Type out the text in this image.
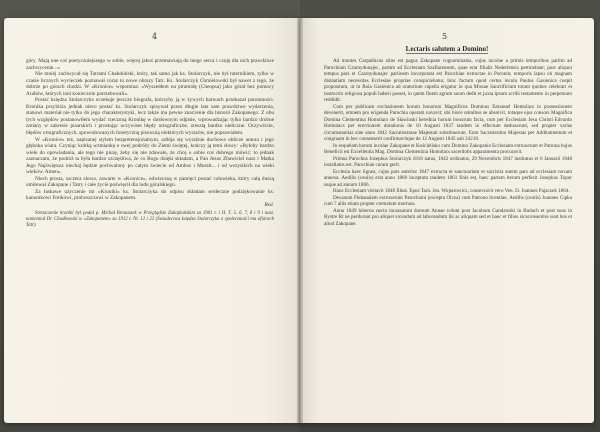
4

góry. Mają one coś poetyczniejszego w sobie, więcej jakoś przemawiają do mego serca i czuję dla nich prawdziwe zachwycenie...»

Nie mniej zachwycał się Tatrami Chałubiński, który, tak samo jak ks. Stolarczyk, nie był taternikiem, tylko w czasie licznych wycieczek poznawał coraz to nowe obrazy Tatr. Ks. Stolarczyk Chmielowski był nawet z tego, że dobrze po górach chodzi. W «Kronice» wspomina: «Wyszedłem na piramidę (Cheopsa) jako górał bez pomocy Arabów, których inni koniecznie potrzebowali».

Postać księdza Stolarczyka oczekuje jeszcze biografa, którzyby ją w żywych barwach przekazał potomności. Kronika przybliża jednak nieco postać ks. Stolarczyk spisywał przez długie lata sam prawdziwe wydarzenia, stanowi materiał nie tylko do jego charakterystyki, lecz także ma pewne znaczenie dla historii Zakopanego. Z obu tych względów postanowiłem wydać rzeczoną Kronikę w dosłownym odpisie, wprowadzając tylko bardzo drobne zmiany w zakresie pisarskich i prostując oczywiste błędy ortograficzne, zresztą bardzo nieliczne. Oczywiście, błędów ortograficznych, spowodowanych fonetyczną pisownią niektórych wyrazów, nie poprawiałem.

W «Kronice» też, napisanej stylem bezpretensjonalnym, odbija się wyraźnie duchowe oblicze autora i jego głęboka wiara. Czyniąc krótką wzmiankę o swej podróży do Ziemi świętej, kończy ją temi słowy: «Byłoby bardzo wiele do opowiadania, ale tego nie piszę, żeby się nie zdawało, że chcę o sobie coś dobrego mówić; to jednak zaznaczam, że podróż ta była bardzo szczęśliwa, że co Bogu dzięki składam, a Pan Jezus Zbawiciel nasz i Matka Jego Najświętsza niechaj będzie pochwalony po całym świecie od Ambos i Muralt... i od wszystkich na wieki wieków. Amen».

Niech prosta, szczera słowa, zawarte w «Kronice», odwieczną w pamięci postać człowieka, który całą duszą umiłował Zakopane i Tatry i całe życie poświęcił dla ludu góralskiego.

Za łaskawe użyczenie mi «Kroniki» ks. Stolarczyka do odpisu składam serdeczne podziękowanie ks. kanonikowi Frelkowi, proboszczowi w Zakopanem.

Red.

Streszczenie kroniki był podał p. Michał Bronaszek w Przeglądzie Zakopiańskim za 1901 r. i II. T. 5. 6, 7, 8 i 9 i nast. namieniał Dr. Chodkowski w «Zakopanem» za 1912 r. Nr. 12 i 22 (Świadectwa księdza Stolarczyka o społeczności ma ofiarach Tatr).

5
Lectaris salutem a Domino!

Ad montes Carpathicos situs est pagus Zakopane cognominatus, cujus incolae a primis temporibus partim ad Parochiam Czarnydunajec, partim ad Ecclesiam Szaflarensem, quae erat filialis Nederlensis pertinebant; post aliquot tempus pars et Czarnydunajec parlinem incorporata est Parochiae extructae in Poronin; temporis lapsu ob magnam distantiam necessitas Ecclesiae propriae conspiciebatur, hinc factum quod certus incola Paulus Gasienica coepit propositum, ut in Rola Gasienica ad oratorium capella erigatur in qua Missae Sanctificium totum quoties celebrari et instructio religiosa populi haberi posset, in quem finem agrum suum dedit et juxta ipsum scribi testamento in perpetuum reddidit.

Cum per publicam excitationem horum bonorum Magnificus Dominus Emanuel Homolacs in possessionem devenerit, omnem pro erigenda Parochia operam navavit; ubi hisce omnibus se absolvit, totaque ejus consors Magnifica Domina Clementina Homolacs de Sławinski herednia horum bonorum facta, cum per Ecclesiam Jesu Christi Edvardo Homolacs per erectionem dotationis de 10 Augusti 1837 tandem in effectum deduxerunt, sed propter varias circumstantias sine anno 1842 Sacratissimae Majestati substituerunt. Eum Sacratissimo Majestas per Additamentum et congruam in hec consenserit confirmavitque de 12 Augusti 1845 sub 24218.

In sequelam horum incolae Zakopane et Kościelisko cum Domino Zakopanie Ecclesiam extruxerunt et Patrona hujus Beneficii est Excellentia Mag. Domina Clementina Homolacs sacerdotis apparamenta procuravit.

Primus Parochus Josephus Stolarczyk 1816 natus, 1842 ordinatus, 29 Novembris 1847 institutus et 6 Januarii 1848 installatus est. Parochiae curam gerit.

Ecclesia haec lignea, cujus pars anterior 1847 extructa et sanctuarium et sacristia autem pars ad ecclesiam novam annexa. Aedilis (ceulis) erat anno 1860 inceptum tandem 1861 finis est, haec partem iterum perfecit Josephus Topor usque ad annum 1866.

Hanc Ecclesiam visitavit 1848 Illust. Epus Tarn. Jos. Wojtarowicz, consecravit vero Ven. D. Joannes Pajaczek 1864.

Decanum Flebanalem extruxerunt Parochiani (excepta Olcza) cum Patrono licentiae, Aedilis (ceulis) Joannes Cipka cum 7 aliis etiam propter crematum mortuos.

Anno 1849 hiberno nectu incassarunt domum Annae volunt post Jacobum Gandawski in Budach et post suos in Bystre Rt ne perdurant pro aliquet sicundum ad laborandum ihi ac aliquam sed et haec et filios sicaconsentire sunt hos et aliud Zakopane.
